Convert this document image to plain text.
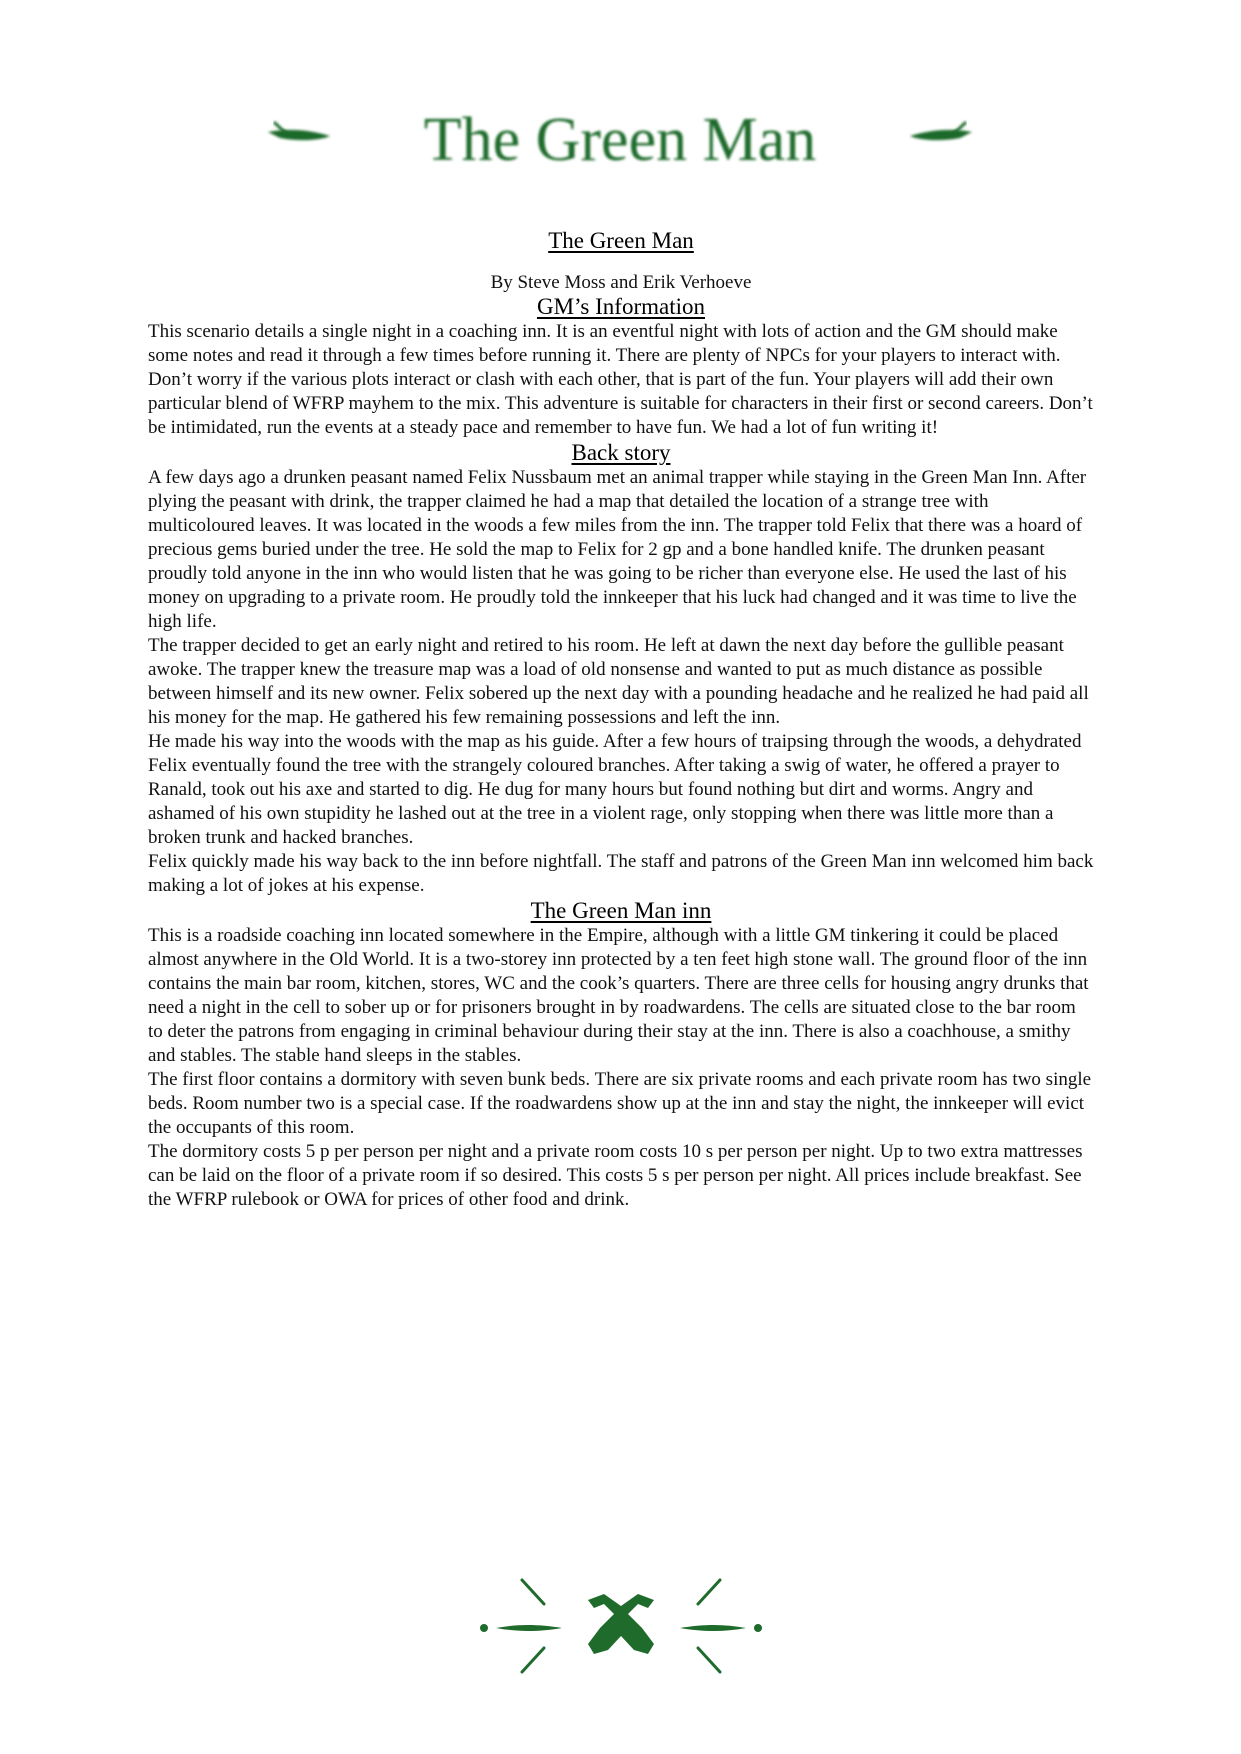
The Green Man
The Green Man
By Steve Moss and Erik Verhoeve
GM’s Information

This scenario details a single night in a coaching inn. It is an eventful night with lots of action and the GM should make some notes and read it through a few times before running it. There are plenty of NPCs for your players to interact with. Don’t worry if the various plots interact or clash with each other, that is part of the fun. Your players will add their own particular blend of WFRP mayhem to the mix. This adventure is suitable for characters in their first or second careers. Don’t be intimidated, run the events at a steady pace and remember to have fun. We had a lot of fun writing it!

Back story

A few days ago a drunken peasant named Felix Nussbaum met an animal trapper while staying in the Green Man Inn. After plying the peasant with drink, the trapper claimed he had a map that detailed the location of a strange tree with multicoloured leaves. It was located in the woods a few miles from the inn. The trapper told Felix that there was a hoard of precious gems buried under the tree. He sold the map to Felix for 2 gp and a bone handled knife. The drunken peasant proudly told anyone in the inn who would listen that he was going to be richer than everyone else. He used the last of his money on upgrading to a private room. He proudly told the innkeeper that his luck had changed and it was time to live the high life.

The trapper decided to get an early night and retired to his room. He left at dawn the next day before the gullible peasant awoke. The trapper knew the treasure map was a load of old nonsense and wanted to put as much distance as possible between himself and its new owner. Felix sobered up the next day with a pounding headache and he realized he had paid all his money for the map. He gathered his few remaining possessions and left the inn.

He made his way into the woods with the map as his guide. After a few hours of traipsing through the woods, a dehydrated Felix eventually found the tree with the strangely coloured branches. After taking a swig of water, he offered a prayer to Ranald, took out his axe and started to dig. He dug for many hours but found nothing but dirt and worms. Angry and ashamed of his own stupidity he lashed out at the tree in a violent rage, only stopping when there was little more than a broken trunk and hacked branches.

Felix quickly made his way back to the inn before nightfall. The staff and patrons of the Green Man inn welcomed him back making a lot of jokes at his expense.

The Green Man inn

This is a roadside coaching inn located somewhere in the Empire, although with a little GM tinkering it could be placed almost anywhere in the Old World. It is a two-storey inn protected by a ten feet high stone wall. The ground floor of the inn contains the main bar room, kitchen, stores, WC and the cook’s quarters. There are three cells for housing angry drunks that need a night in the cell to sober up or for prisoners brought in by roadwardens. The cells are situated close to the bar room to deter the patrons from engaging in criminal behaviour during their stay at the inn. There is also a coachhouse, a smithy and stables. The stable hand sleeps in the stables.

The first floor contains a dormitory with seven bunk beds. There are six private rooms and each private room has two single beds. Room number two is a special case. If the roadwardens show up at the inn and stay the night, the innkeeper will evict the occupants of this room.

The dormitory costs 5 p per person per night and a private room costs 10 s per person per night. Up to two extra mattresses can be laid on the floor of a private room if so desired. This costs 5 s per person per night. All prices include breakfast. See the WFRP rulebook or OWA for prices of other food and drink.
